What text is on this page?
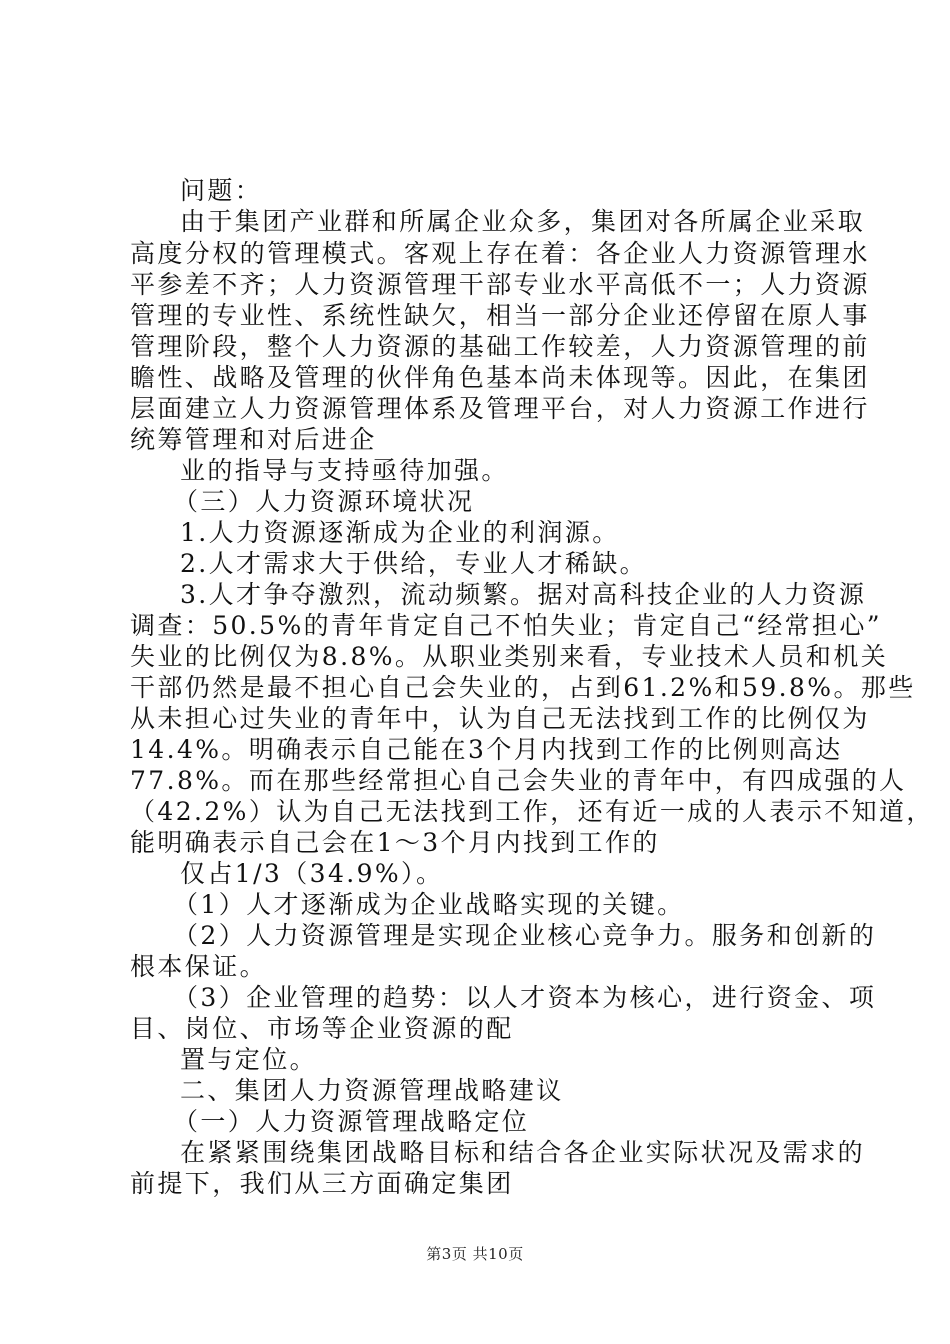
问题：
由于集团产业群和所属企业众多，集团对各所属企业采取
高度分权的管理模式。客观上存在着：各企业人力资源管理水
平参差不齐；人力资源管理干部专业水平高低不一；人力资源
管理的专业性、系统性缺欠，相当一部分企业还停留在原人事
管理阶段，整个人力资源的基础工作较差，人力资源管理的前
瞻性、战略及管理的伙伴角色基本尚未体现等。因此，在集团
层面建立人力资源管理体系及管理平台，对人力资源工作进行
统筹管理和对后进企
业的指导与支持亟待加强。
（三）人力资源环境状况
1.人力资源逐渐成为企业的利润源。
2.人才需求大于供给，专业人才稀缺。
3.人才争夺激烈，流动频繁。据对高科技企业的人力资源
调查：50.5%的青年肯定自己不怕失业；肯定自己“经常担心”
失业的比例仅为8.8%。从职业类别来看，专业技术人员和机关
干部仍然是最不担心自己会失业的，占到61.2%和59.8%。那些
从未担心过失业的青年中，认为自己无法找到工作的比例仅为
14.4%。明确表示自己能在3个月内找到工作的比例则高达
77.8%。而在那些经常担心自己会失业的青年中，有四成强的人
（42.2%）认为自己无法找到工作，还有近一成的人表示不知道，
能明确表示自己会在1～3个月内找到工作的
仅占1/3（34.9%）。
（1）人才逐渐成为企业战略实现的关键。
（2）人力资源管理是实现企业核心竞争力。服务和创新的
根本保证。
（3）企业管理的趋势：以人才资本为核心，进行资金、项
目、岗位、市场等企业资源的配
置与定位。
二、集团人力资源管理战略建议
（一）人力资源管理战略定位
在紧紧围绕集团战略目标和结合各企业实际状况及需求的
前提下，我们从三方面确定集团
第3页 共10页
